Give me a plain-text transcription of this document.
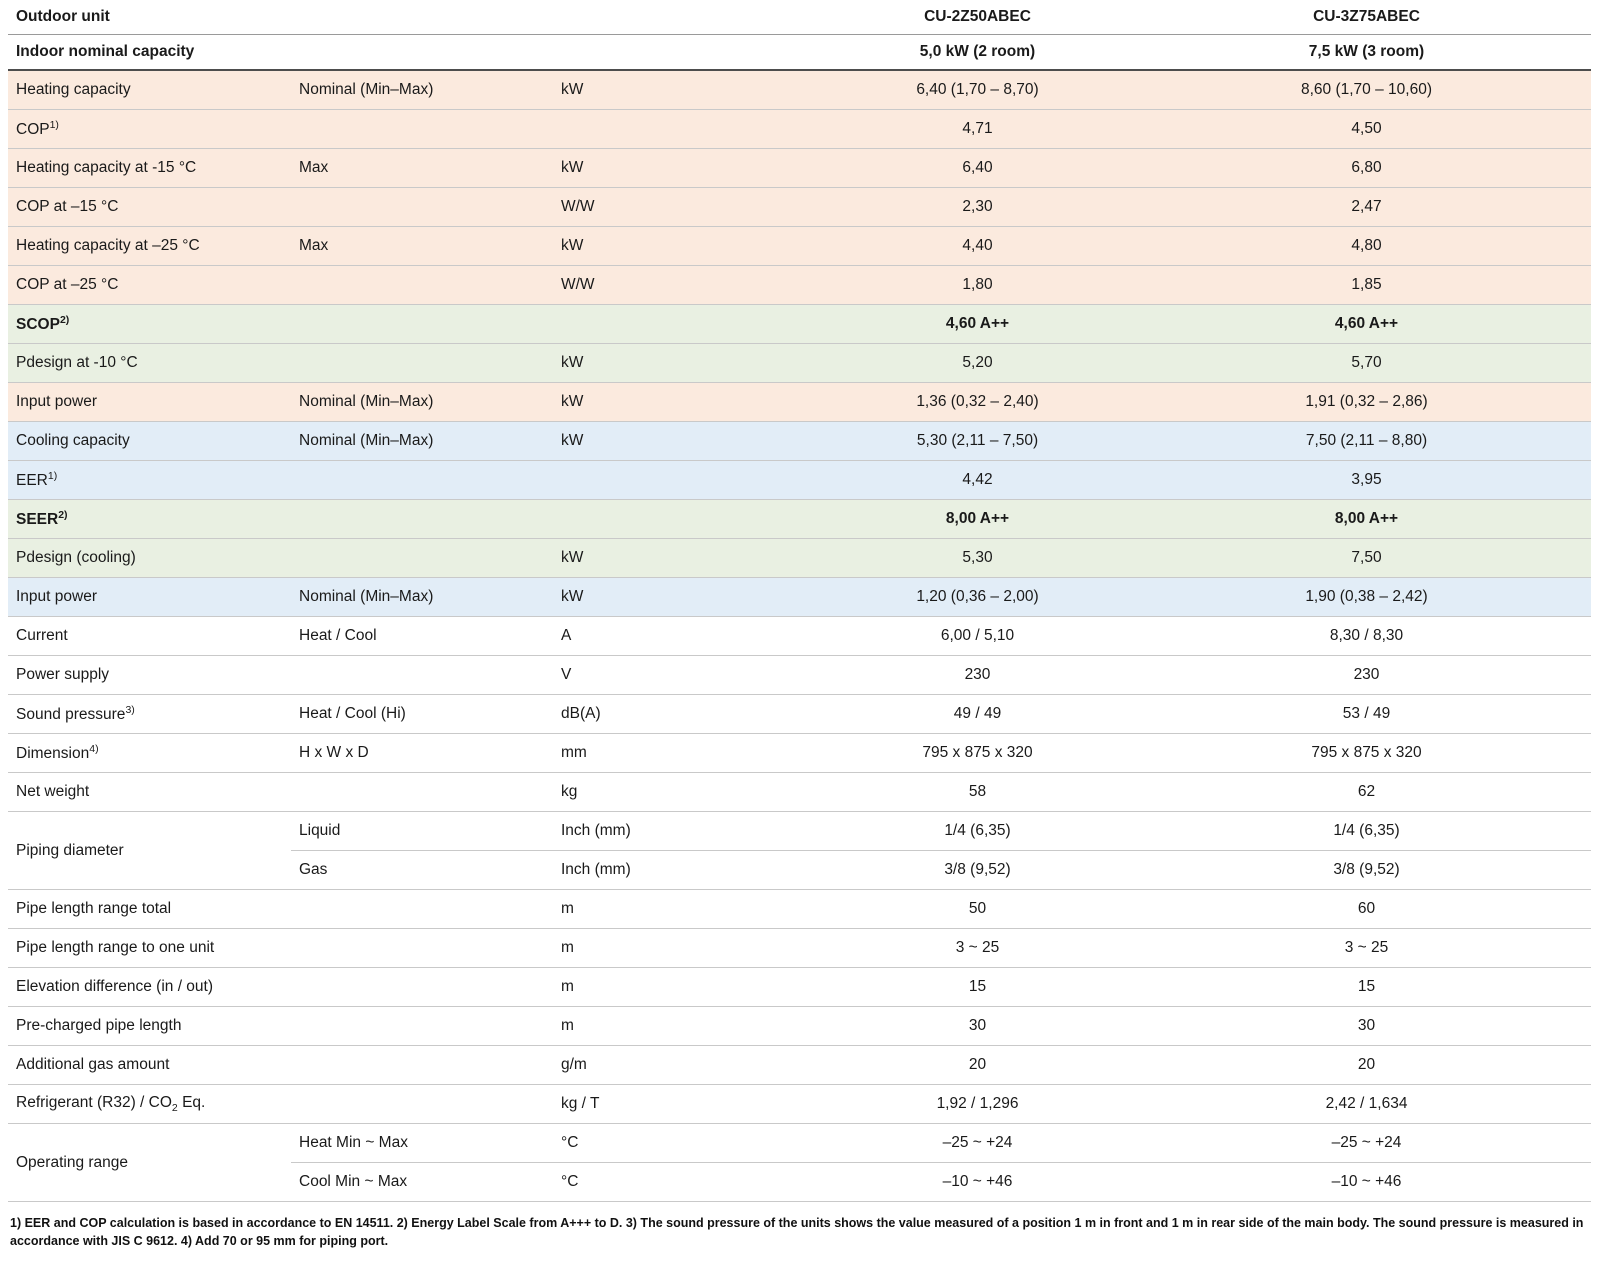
Outdoor unit			CU‑2Z50ABEC	CU‑3Z75ABEC
Indoor nominal capacity			5,0 kW (2 room)	7,5 kW (3 room)
Heating capacity	Nominal (Min–Max)	kW	6,40 (1,70 – 8,70)	8,60 (1,70 – 10,60)
COP$^{1)}$			4,71	4,50
Heating capacity at -15 °C	Max	kW	6,40	6,80
COP at –15 °C		W/W	2,30	2,47
Heating capacity at –25 °C	Max	kW	4,40	4,80
COP at –25 °C		W/W	1,80	1,85
SCOP$^{2)}$			4,60 A++	4,60 A++
Pdesign at -10 °C		kW	5,20	5,70
Input power	Nominal (Min–Max)	kW	1,36 (0,32 – 2,40)	1,91 (0,32 – 2,86)
Cooling capacity	Nominal (Min–Max)	kW	5,30 (2,11 – 7,50)	7,50 (2,11 – 8,80)
EER$^{1)}$			4,42	3,95
SEER$^{2)}$			8,00 A++	8,00 A++
Pdesign (cooling)		kW	5,30	7,50
Input power	Nominal (Min–Max)	kW	1,20 (0,36 – 2,00)	1,90 (0,38 – 2,42)
Current	Heat / Cool	A	6,00 / 5,10	8,30 / 8,30
Power supply		V	230	230
Sound pressure$^{3)}$	Heat / Cool (Hi)	dB(A)	49 / 49	53 / 49
Dimension$^{4)}$	H x W x D	mm	795 x 875 x 320	795 x 875 x 320
Net weight		kg	58	62
Piping diameter	Liquid	Inch (mm)	1/4 (6,35)	1/4 (6,35)
	Gas	Inch (mm)	3/8 (9,52)	3/8 (9,52)
Pipe length range total		m	50	60
Pipe length range to one unit		m	3 ~ 25	3 ~ 25
Elevation difference (in / out)		m	15	15
Pre-charged pipe length		m	30	30
Additional gas amount		g/m	20	20
Refrigerant $(R32) / CO_2$ Eq.		kg / T	1,92 / 1,296	2,42 / 1,634
Operating range	Heat Min ~ Max	°C	–25 ~ +24	–25 ~ +24
	Cool Min ~ Max	°C	–10 ~ +46	–10 ~ +46
1) EER and COP calculation is based in accordance to EN 14511. 2) Energy Label Scale from A+++ to D. 3) The sound pressure of the units shows the value measured of a position 1 m in front and 1 m in rear side of the main body. The sound pressure is measured in accordance with JIS C 9612. 4) Add 70 or 95 mm for piping port.
